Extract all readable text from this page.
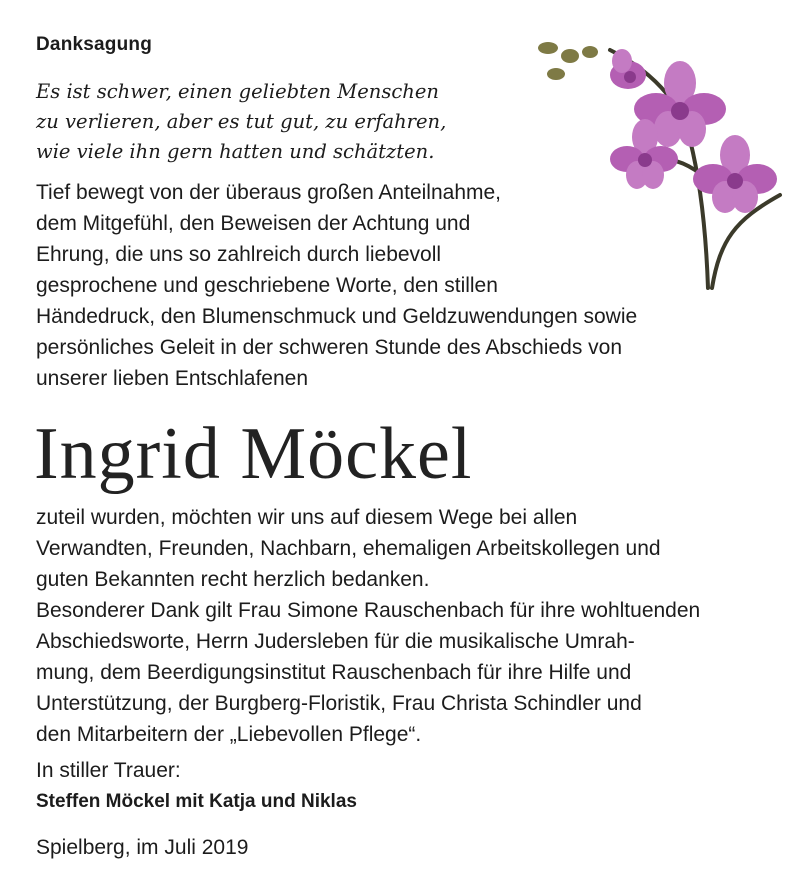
Danksagung
Es ist schwer, einen geliebten Menschen
zu verlieren, aber es tut gut, zu erfahren,
wie viele ihn gern hatten und schätzten.
Tief bewegt von der überaus großen Anteilnahme,
dem Mitgefühl, den Beweisen der Achtung und
Ehrung, die uns so zahlreich durch liebevoll
gesprochene und geschriebene Worte, den stillen
Händedruck, den Blumenschmuck und Geldzuwendungen sowie
persönliches Geleit in der schweren Stunde des Abschieds von
unserer lieben Entschlafenen
Ingrid Möckel
zuteil wurden, möchten wir uns auf diesem Wege bei allen
Verwandten, Freunden, Nachbarn, ehemaligen Arbeitskollegen und
guten Bekannten recht herzlich bedanken.
Besonderer Dank gilt Frau Simone Rauschenbach für ihre wohltuenden
Abschiedsworte, Herrn Judersleben für die musikalische Umrah-
mung, dem Beerdigungsinstitut Rauschenbach für ihre Hilfe und
Unterstützung, der Burgberg-Floristik, Frau Christa Schindler und
den Mitarbeitern der „Liebevollen Pflege“.
In stiller Trauer:
Steffen Möckel mit Katja und Niklas
Spielberg, im Juli 2019
